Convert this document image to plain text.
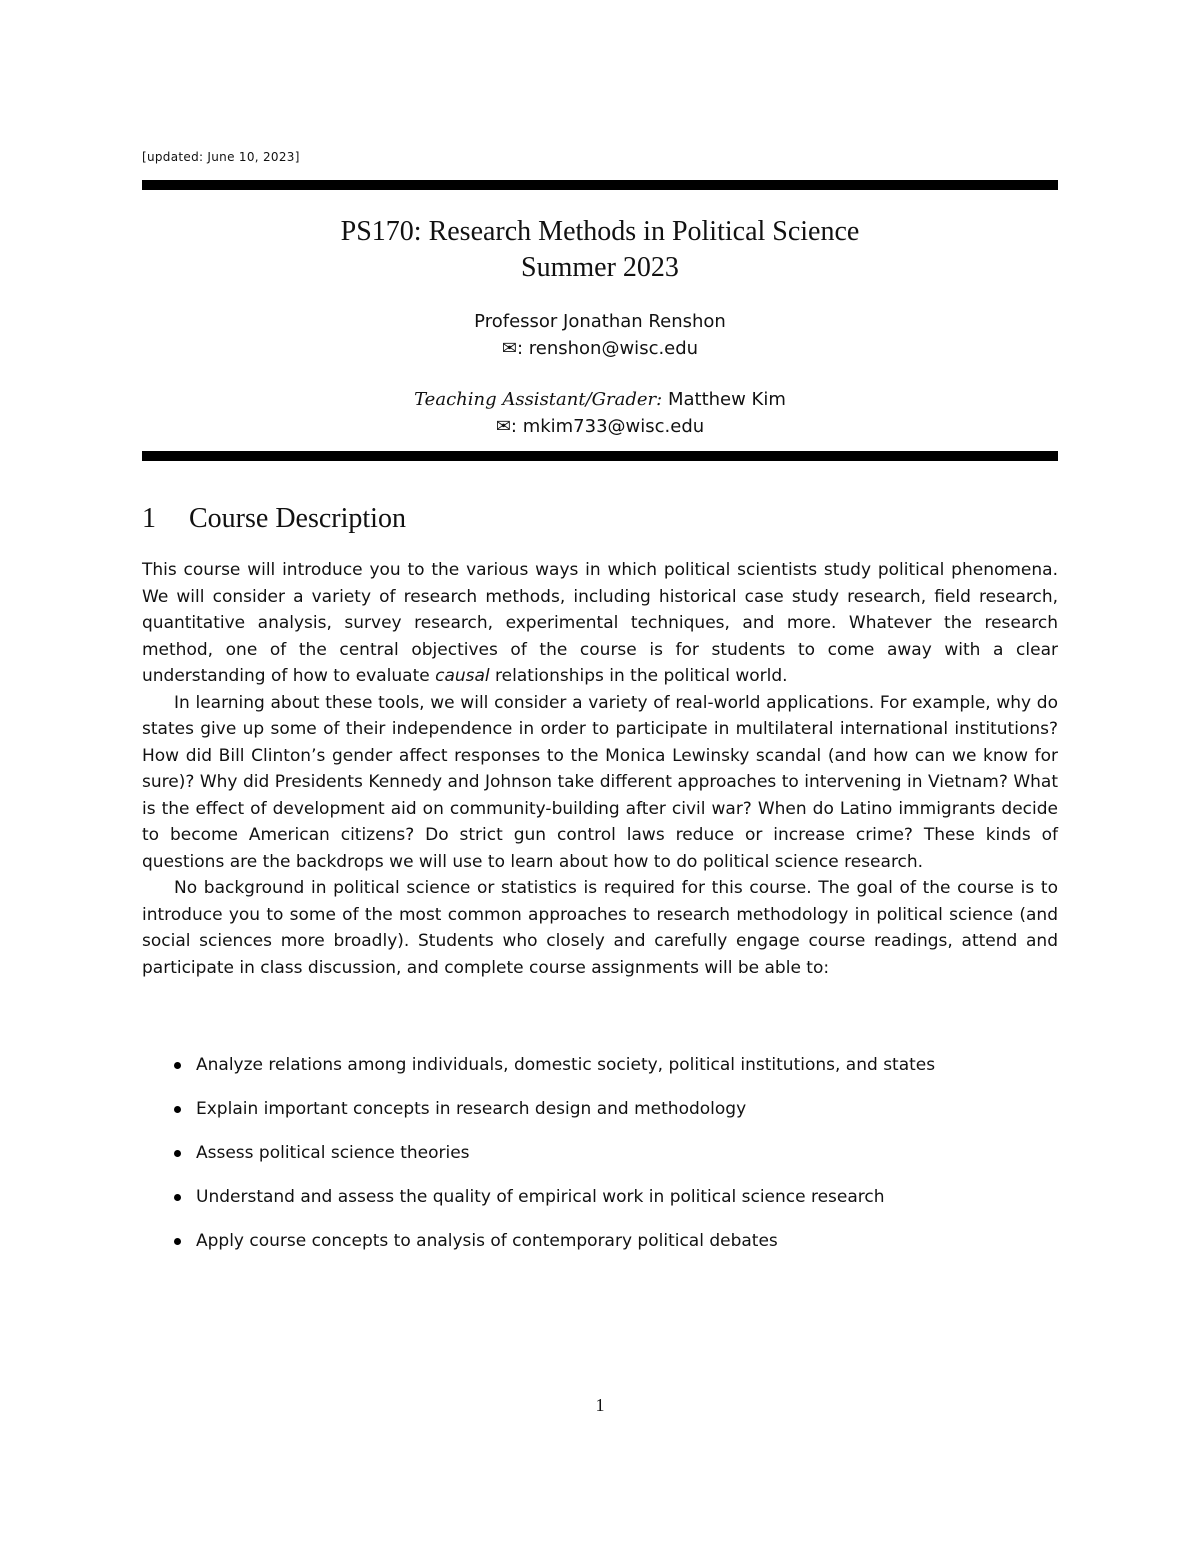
[updated: June 10, 2023]
PS170: Research Methods in Political Science
Summer 2023
Professor Jonathan Renshon
✉: renshon@wisc.edu
Teaching Assistant/Grader: Matthew Kim
✉: mkim733@wisc.edu
1 Course Description

This course will introduce you to the various ways in which political scientists study political phenomena. We will consider a variety of research methods, including historical case study research, field research, quantitative analysis, survey research, experimental techniques, and more. Whatever the research method, one of the central objectives of the course is for students to come away with a clear understanding of how to evaluate causal relationships in the political world.

In learning about these tools, we will consider a variety of real-world applications. For example, why do states give up some of their independence in order to participate in multilateral international institutions? How did Bill Clinton’s gender affect responses to the Monica Lewinsky scandal (and how can we know for sure)? Why did Presidents Kennedy and Johnson take different approaches to intervening in Vietnam? What is the effect of development aid on community-building after civil war? When do Latino immigrants decide to become American citizens? Do strict gun control laws reduce or increase crime? These kinds of questions are the backdrops we will use to learn about how to do political science research.

No background in political science or statistics is required for this course. The goal of the course is to introduce you to some of the most common approaches to research methodology in political science (and social sciences more broadly). Students who closely and carefully engage course readings, attend and participate in class discussion, and complete course assignments will be able to:

Analyze relations among individuals, domestic society, political institutions, and states
Explain important concepts in research design and methodology
Assess political science theories
Understand and assess the quality of empirical work in political science research
Apply course concepts to analysis of contemporary political debates
1
